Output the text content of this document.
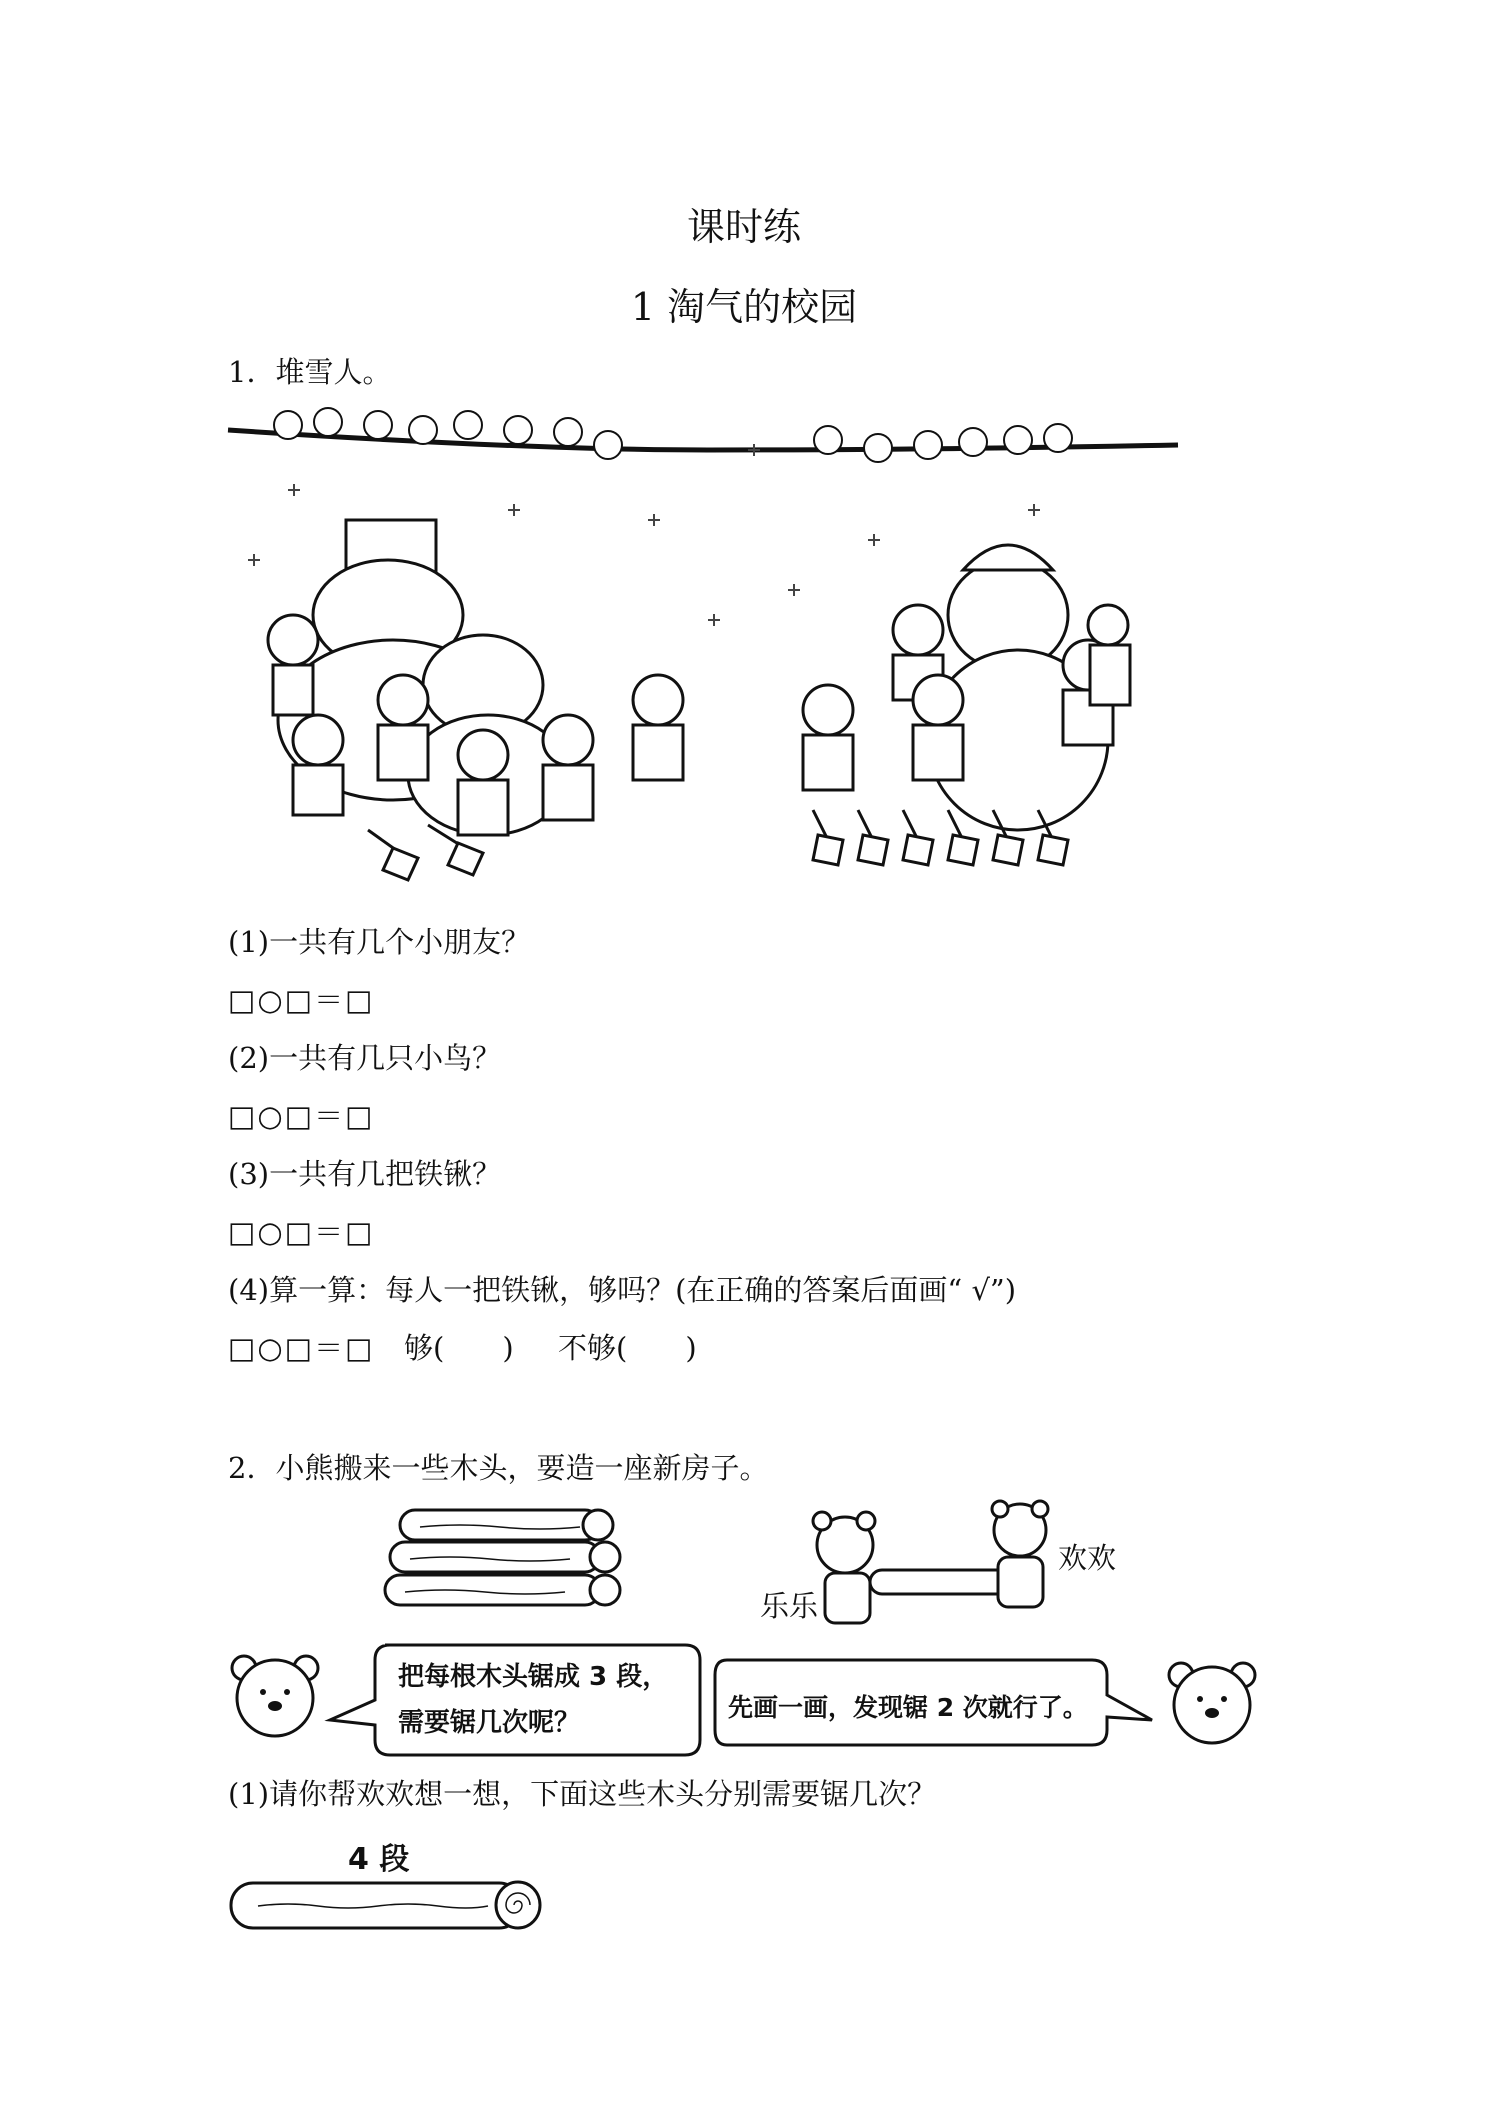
课时练
1 淘气的校园
1．堆雪人。
(1)一共有几个小朋友？
□○□＝□
(2)一共有几只小鸟？
□○□＝□
(3)一共有几把铁锹？
□○□＝□
(4)算一算：每人一把铁锹，够吗？(在正确的答案后面画“ √”)
□○□＝□ 够(　　) 不够(　　)
2．小熊搬来一些木头，要造一座新房子。
欢欢
乐乐
把每根木头锯成 3 段，
需要锯几次呢？
先画一画，发现锯 2 次就行了。
(1)请你帮欢欢想一想，下面这些木头分别需要锯几次？
4 段
